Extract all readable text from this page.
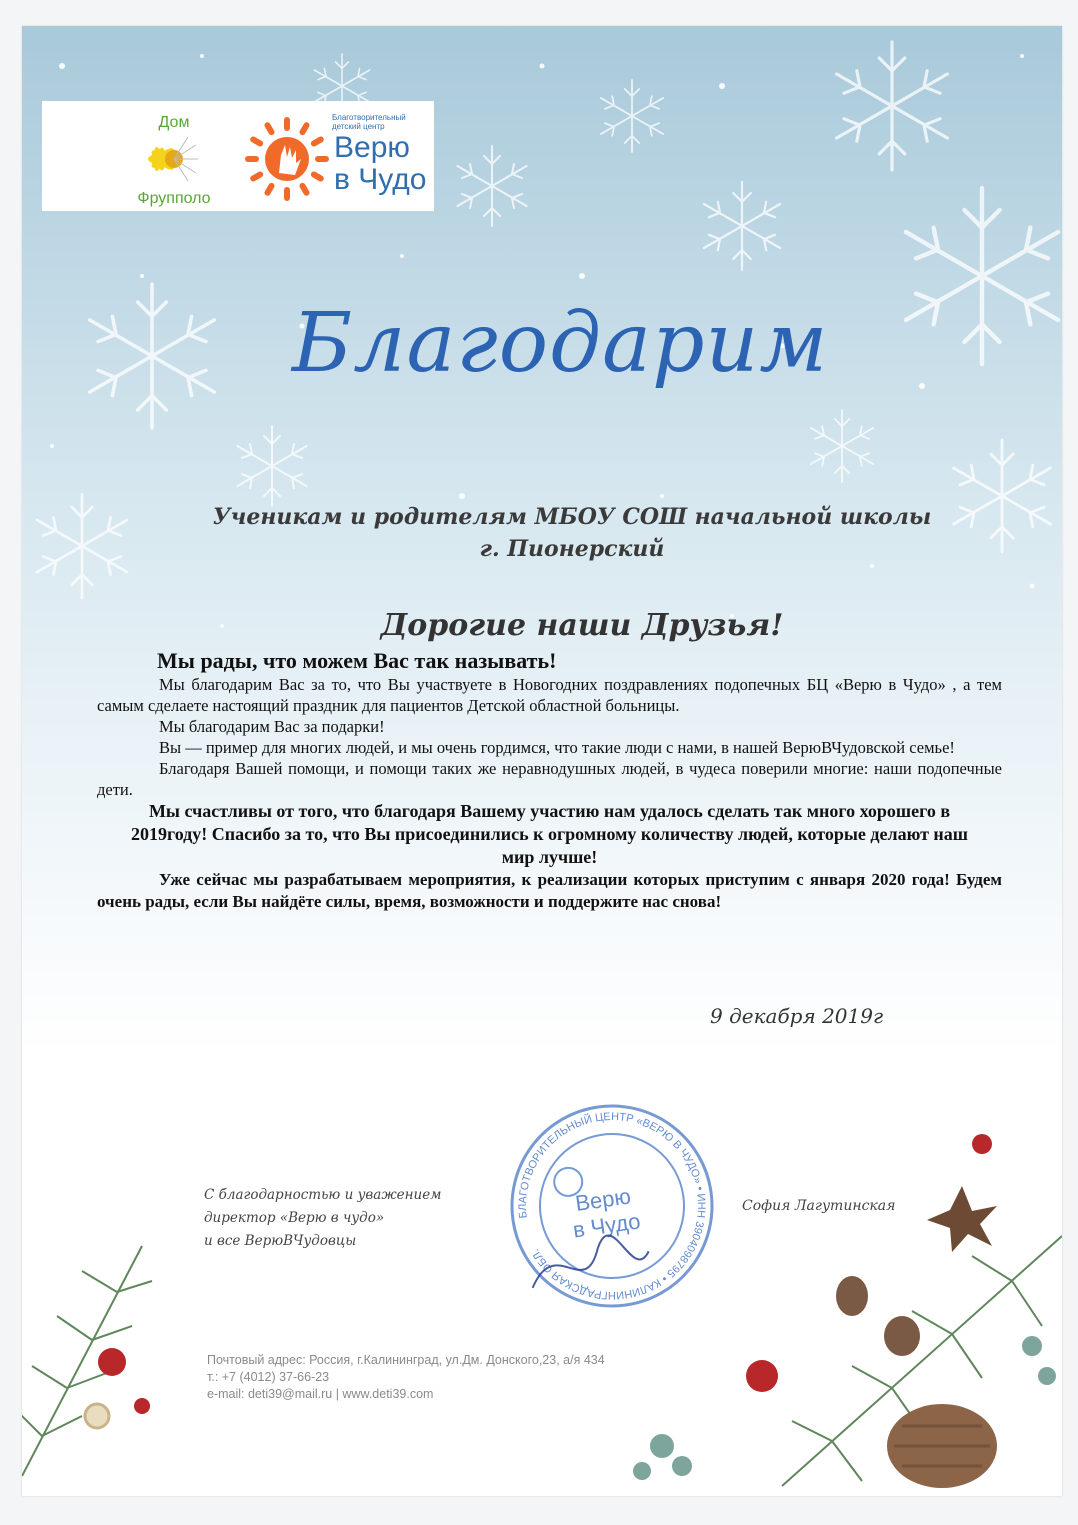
Дом
Фрупполо
Благотворительный детский центр
Верю
в Чудо
Благодарим
Ученикам и родителям МБОУ СОШ начальной школы
г. Пионерский
Дорогие наши Друзья!

Мы рады, что можем Вас так называть!

Мы благодарим Вас за то, что Вы участвуете в Новогодних поздравлениях подопечных БЦ «Верю в Чудо» , а тем самым сделаете настоящий праздник для пациентов Детской областной больницы.

Мы благодарим Вас за подарки!

Вы — пример для многих людей, и мы очень гордимся, что такие люди с нами, в нашей ВерюВЧудовской семье!

Благодаря Вашей помощи, и помощи таких же неравнодушных людей, в чудеса поверили многие: наши подопечные дети.

Мы счастливы от того, что благодаря Вашему участию нам удалось сделать так много хорошего в 2019году! Спасибо за то, что Вы присоединились к огромному количеству людей, которые делают наш мир лучше!

Уже сейчас мы разрабатываем мероприятия, к реализации которых приступим с января 2020 года! Будем очень рады, если Вы найдёте силы, время, возможности и поддержите нас снова!

9 декабря 2019г
С благодарностью и уважением
директор «Верю в чудо»
и все ВерюВЧудовцы
БЛАГОТВОРИТЕЛЬНЫЙ ЦЕНТР «ВЕРЮ В ЧУДО» • ИНН 3904098795 • КАЛИНИНГРАДСКАЯ ОБЛ.
Верю
в Чудо
София Лагутинская
Почтовый адрес: Россия, г.Калининград, ул.Дм. Донского,23, а/я 434
т.: +7 (4012) 37-66-23
e-mail: deti39@mail.ru | www.deti39.com
